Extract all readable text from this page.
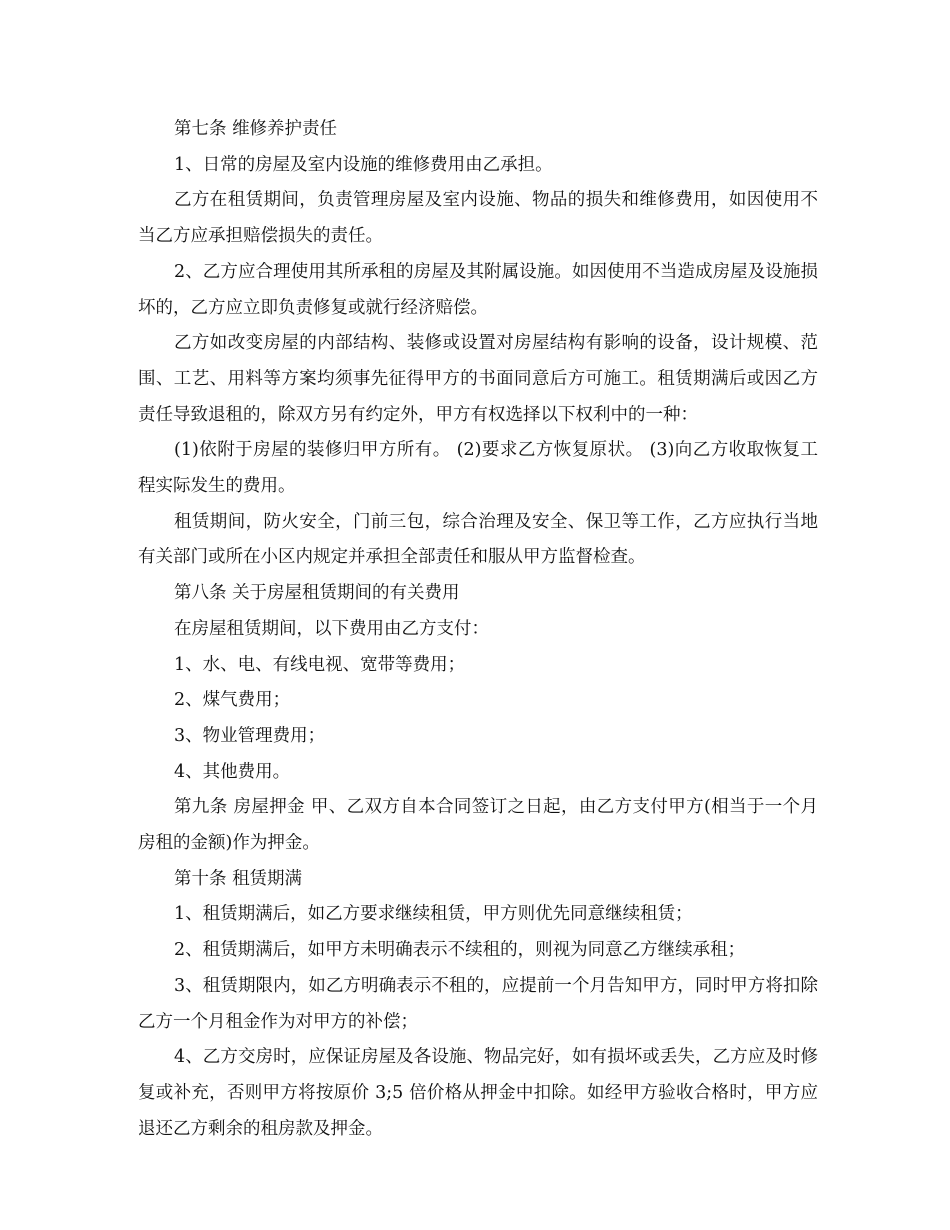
第七条 维修养护责任

1、日常的房屋及室内设施的维修费用由乙承担。

乙方在租赁期间，负责管理房屋及室内设施、物品的损失和维修费用，如因使用不当乙方应承担赔偿损失的责任。

2、乙方应合理使用其所承租的房屋及其附属设施。如因使用不当造成房屋及设施损坏的，乙方应立即负责修复或就行经济赔偿。

乙方如改变房屋的内部结构、装修或设置对房屋结构有影响的设备，设计规模、范围、工艺、用料等方案均须事先征得甲方的书面同意后方可施工。租赁期满后或因乙方责任导致退租的，除双方另有约定外，甲方有权选择以下权利中的一种：

(1)依附于房屋的装修归甲方所有。 (2)要求乙方恢复原状。 (3)向乙方收取恢复工程实际发生的费用。

租赁期间，防火安全，门前三包，综合治理及安全、保卫等工作，乙方应执行当地有关部门或所在小区内规定并承担全部责任和服从甲方监督检查。

第八条 关于房屋租赁期间的有关费用

在房屋租赁期间，以下费用由乙方支付：

1、水、电、有线电视、宽带等费用；

2、煤气费用；

3、物业管理费用；

4、其他费用。

第九条 房屋押金 甲、乙双方自本合同签订之日起，由乙方支付甲方(相当于一个月房租的金额)作为押金。

第十条 租赁期满

1、租赁期满后，如乙方要求继续租赁，甲方则优先同意继续租赁；

2、租赁期满后，如甲方未明确表示不续租的，则视为同意乙方继续承租；

3、租赁期限内，如乙方明确表示不租的，应提前一个月告知甲方，同时甲方将扣除乙方一个月租金作为对甲方的补偿；

4、乙方交房时，应保证房屋及各设施、物品完好，如有损坏或丢失，乙方应及时修复或补充，否则甲方将按原价 3;5 倍价格从押金中扣除。如经甲方验收合格时，甲方应退还乙方剩余的租房款及押金。
